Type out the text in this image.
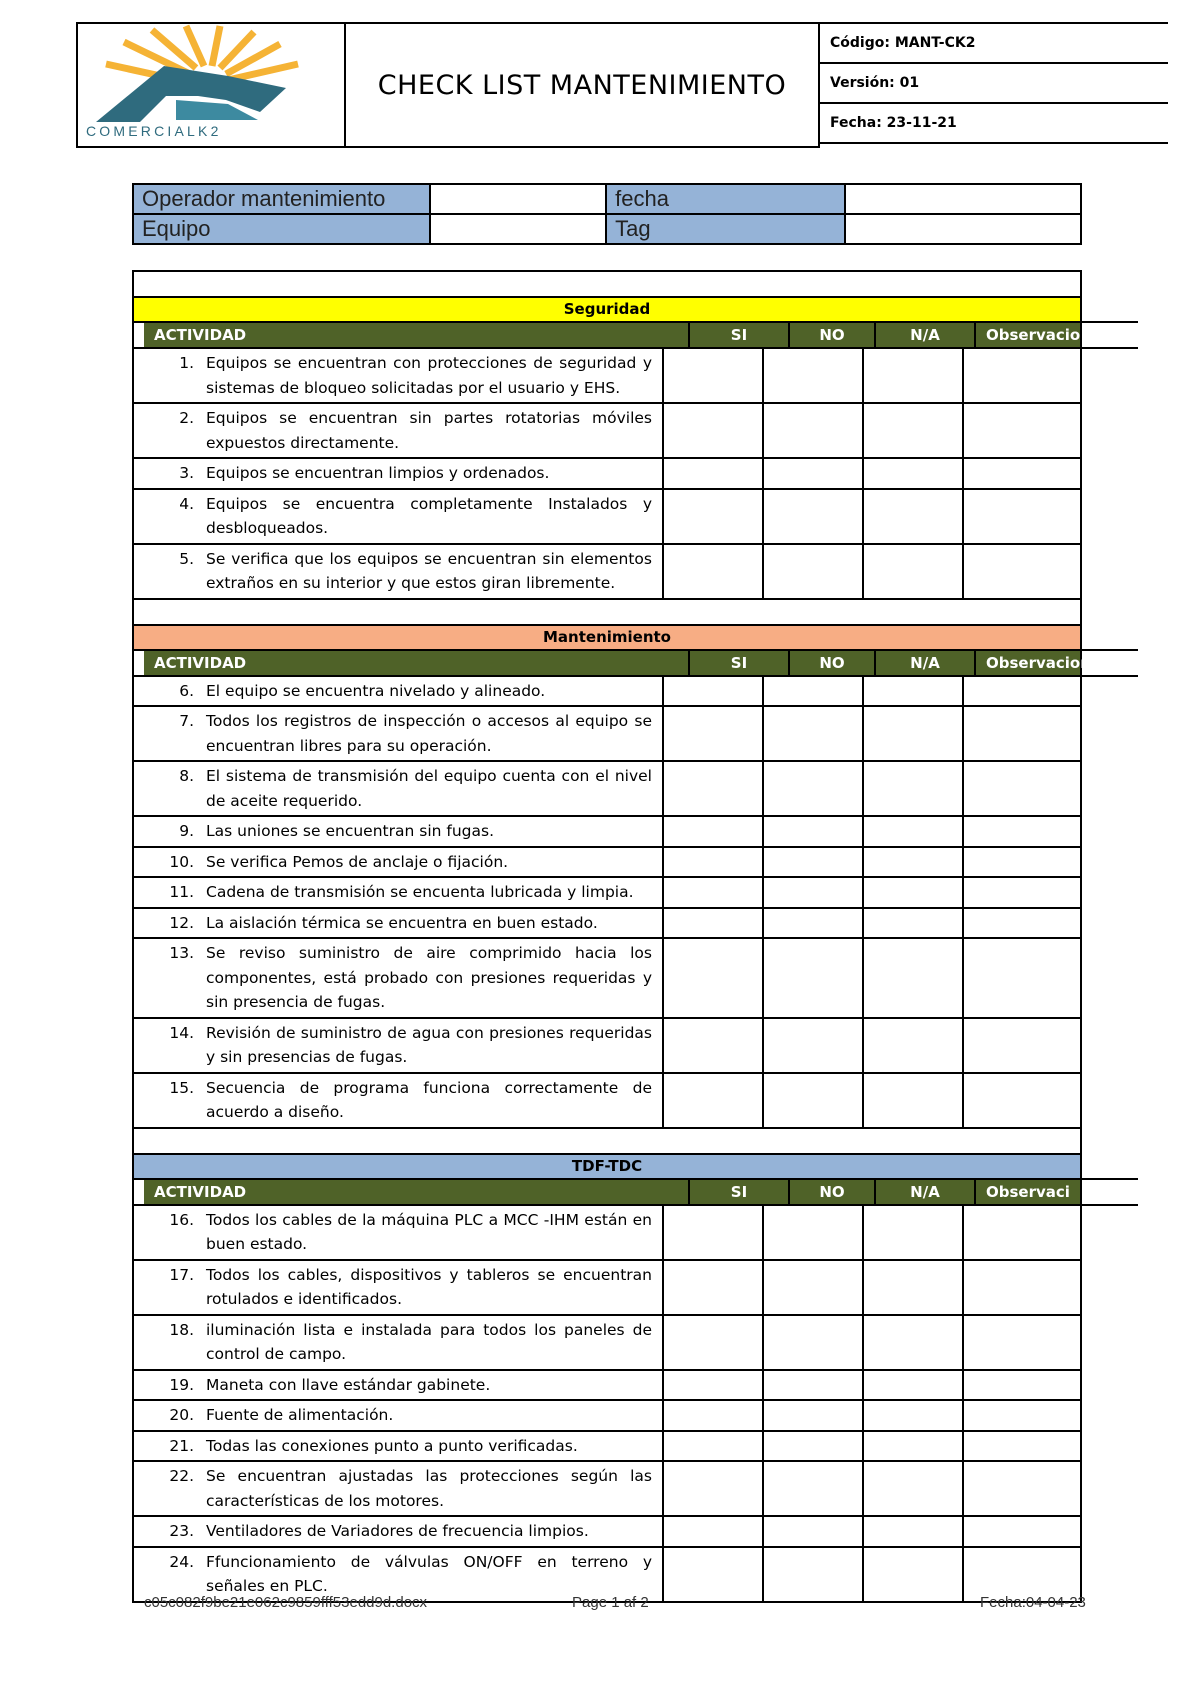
COMERCIALK2
CHECK LIST MANTENIMIENTO
Código: MANT-CK2
Versión: 01
Fecha: 23-11-21
Operador mantenimiento		fecha	
Equipo		Tag	
Seguridad
ACTIVIDAD	SI	NO	N/A	Observacio
1. Equipos se encuentran con protecciones de seguridad y sistemas de bloqueo solicitadas por el usuario y EHS.
2. Equipos se encuentran sin partes rotatorias móviles expuestos directamente.
3. Equipos se encuentran limpios y ordenados.
4. Equipos se encuentra completamente Instalados y desbloqueados.
5. Se verifica que los equipos se encuentran sin elementos extraños en su interior y que estos giran libremente.
Mantenimiento
ACTIVIDAD	SI	NO	N/A	Observacion
6. El equipo se encuentra nivelado y alineado.
7. Todos los registros de inspección o accesos al equipo se encuentran libres para su operación.
8. El sistema de transmisión del equipo cuenta con el nivel de aceite requerido.
9. Las uniones se encuentran sin fugas.
10. Se verifica Pemos de anclaje o fijación.
11. Cadena de transmisión se encuenta lubricada y limpia.
12. La aislación térmica se encuentra en buen estado.
13. Se reviso suministro de aire comprimido hacia los componentes, está probado con presiones requeridas y sin presencia de fugas.
14. Revisión de suministro de agua con presiones requeridas y sin presencias de fugas.
15. Secuencia de programa funciona correctamente de acuerdo a diseño.
TDF-TDC
ACTIVIDAD	SI	NO	N/A	Observaci
16. Todos los cables de la máquina PLC a MCC -IHM están en buen estado.
17. Todos los cables, dispositivos y tableros se encuentran rotulados e identificados.
18. iluminación lista e instalada para todos los paneles de control de campo.
19. Maneta con llave estándar gabinete.
20. Fuente de alimentación.
21. Todas las conexiones punto a punto verificadas.
22. Se encuentran ajustadas las protecciones según las características de los motores.
23. Ventiladores de Variadores de frecuencia limpios.
24. Ffuncionamiento de válvulas ON/OFF en terreno y señales en PLC.
c05c082f9be21e062c9859fff53edd9d.docx	Page 1 af 2	Fecha:04-04-23
